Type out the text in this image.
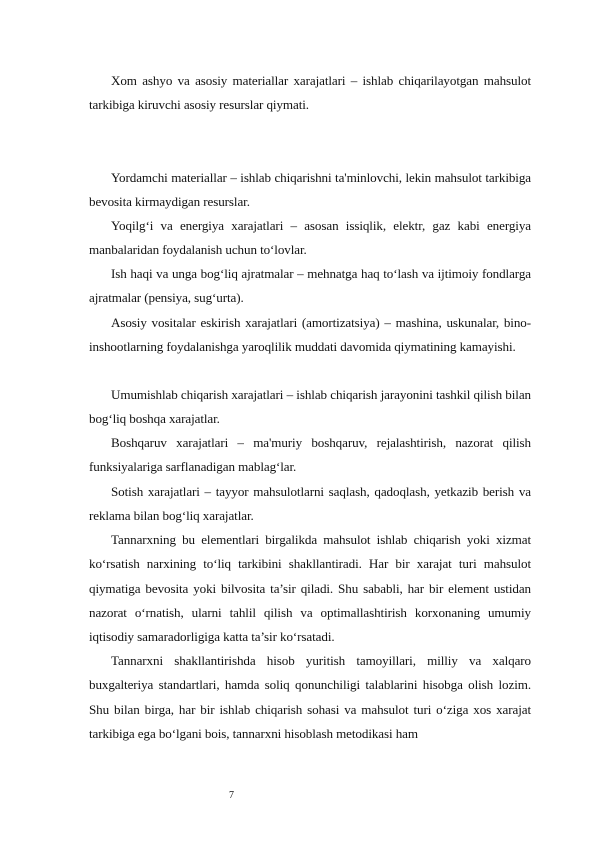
Xom ashyo va asosiy materiallar xarajatlari – ishlab chiqarilayotgan mahsulot tarkibiga kiruvchi asosiy resurslar qiymati.

Yordamchi materiallar – ishlab chiqarishni ta'minlovchi, lekin mahsulot tarkibiga bevosita kirmaydigan resurslar.

Yoqilg‘i va energiya xarajatlari – asosan issiqlik, elektr, gaz kabi energiya manbalaridan foydalanish uchun to‘lovlar.

Ish haqi va unga bog‘liq ajratmalar – mehnatga haq to‘lash va ijtimoiy fondlarga ajratmalar (pensiya, sug‘urta).

Asosiy vositalar eskirish xarajatlari (amortizatsiya) – mashina, uskunalar, bino-inshootlarning foydalanishga yaroqlilik muddati davomida qiymatining kamayishi.

Umumishlab chiqarish xarajatlari – ishlab chiqarish jarayonini tashkil qilish bilan bog‘liq boshqa xarajatlar.

Boshqaruv xarajatlari – ma'muriy boshqaruv, rejalashtirish, nazorat qilish funksiyalariga sarflanadigan mablag‘lar.

Sotish xarajatlari – tayyor mahsulotlarni saqlash, qadoqlash, yetkazib berish va reklama bilan bog‘liq xarajatlar.

Tannarxning bu elementlari birgalikda mahsulot ishlab chiqarish yoki xizmat ko‘rsatish narxining to‘liq tarkibini shakllantiradi. Har bir xarajat turi mahsulot qiymatiga bevosita yoki bilvosita ta’sir qiladi. Shu sababli, har bir element ustidan nazorat o‘rnatish, ularni tahlil qilish va optimallashtirish korxonaning umumiy iqtisodiy samaradorligiga katta ta’sir ko‘rsatadi.

Tannarxni shakllantirishda hisob yuritish tamoyillari, milliy va xalqaro buxgalteriya standartlari, hamda soliq qonunchiligi talablarini hisobga olish lozim. Shu bilan birga, har bir ishlab chiqarish sohasi va mahsulot turi o‘ziga xos xarajat tarkibiga ega bo‘lgani bois, tannarxni hisoblash metodikasi ham

7
